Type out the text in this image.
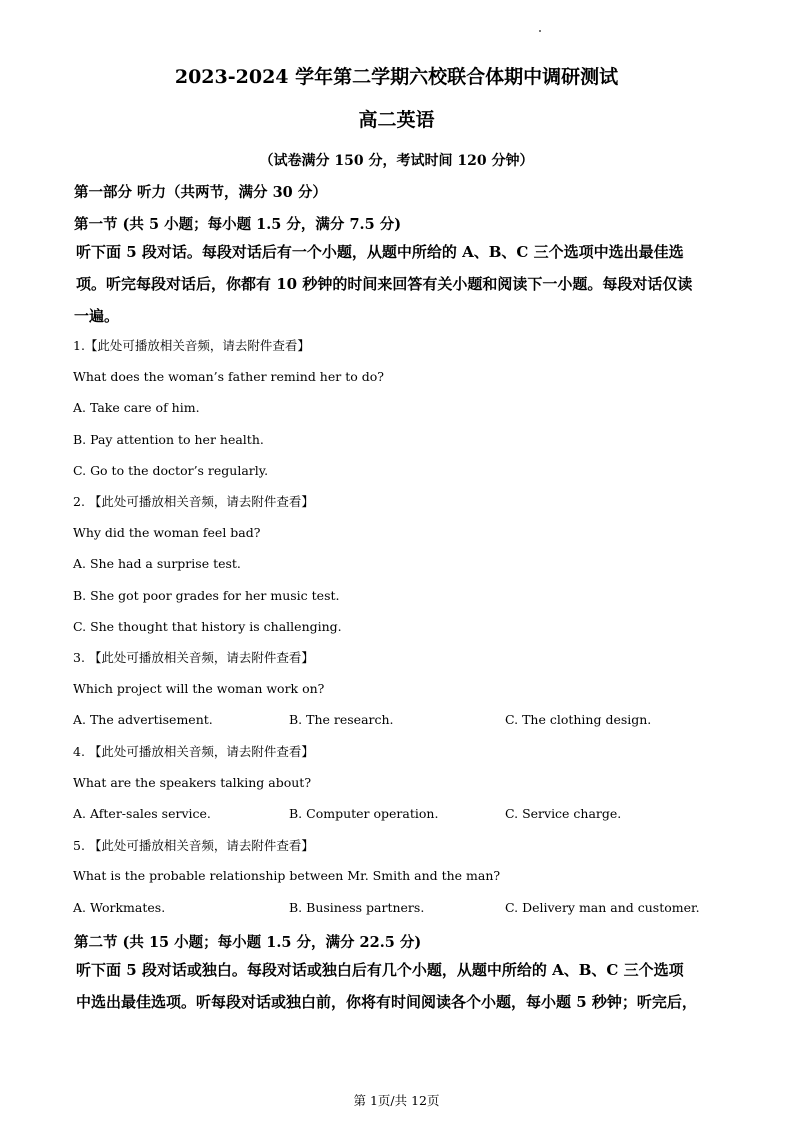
2023-2024 学年第二学期六校联合体期中调研测试
高二英语
（试卷满分 150 分，考试时间 120 分钟）
第一部分 听力（共两节，满分 30 分）
第一节 (共 5 小题；每小题 1.5 分，满分 7.5 分)
听下面 5 段对话。每段对话后有一个小题，从题中所给的 A、B、C 三个选项中选出最佳选
项。听完每段对话后，你都有 10 秒钟的时间来回答有关小题和阅读下一小题。每段对话仅读
一遍。
1.【此处可播放相关音频，请去附件查看】
What does the woman’s father remind her to do?
A. Take care of him.
B. Pay attention to her health.
C. Go to the doctor’s regularly.
2. 【此处可播放相关音频，请去附件查看】
Why did the woman feel bad?
A. She had a surprise test.
B. She got poor grades for her music test.
C. She thought that history is challenging.
3. 【此处可播放相关音频，请去附件查看】
Which project will the woman work on?
A. The advertisement.	B. The research.	C. The clothing design.
4. 【此处可播放相关音频，请去附件查看】
What are the speakers talking about?
A. After-sales service.	B. Computer operation.	C. Service charge.
5. 【此处可播放相关音频，请去附件查看】
What is the probable relationship between Mr. Smith and the man?
A. Workmates.	B. Business partners.	C. Delivery man and customer.
第二节 (共 15 小题；每小题 1.5 分，满分 22.5 分)
听下面 5 段对话或独白。每段对话或独白后有几个小题，从题中所给的 A、B、C 三个选项
中选出最佳选项。听每段对话或独白前，你将有时间阅读各个小题，每小题 5 秒钟；听完后，
第 1页/共 12页
